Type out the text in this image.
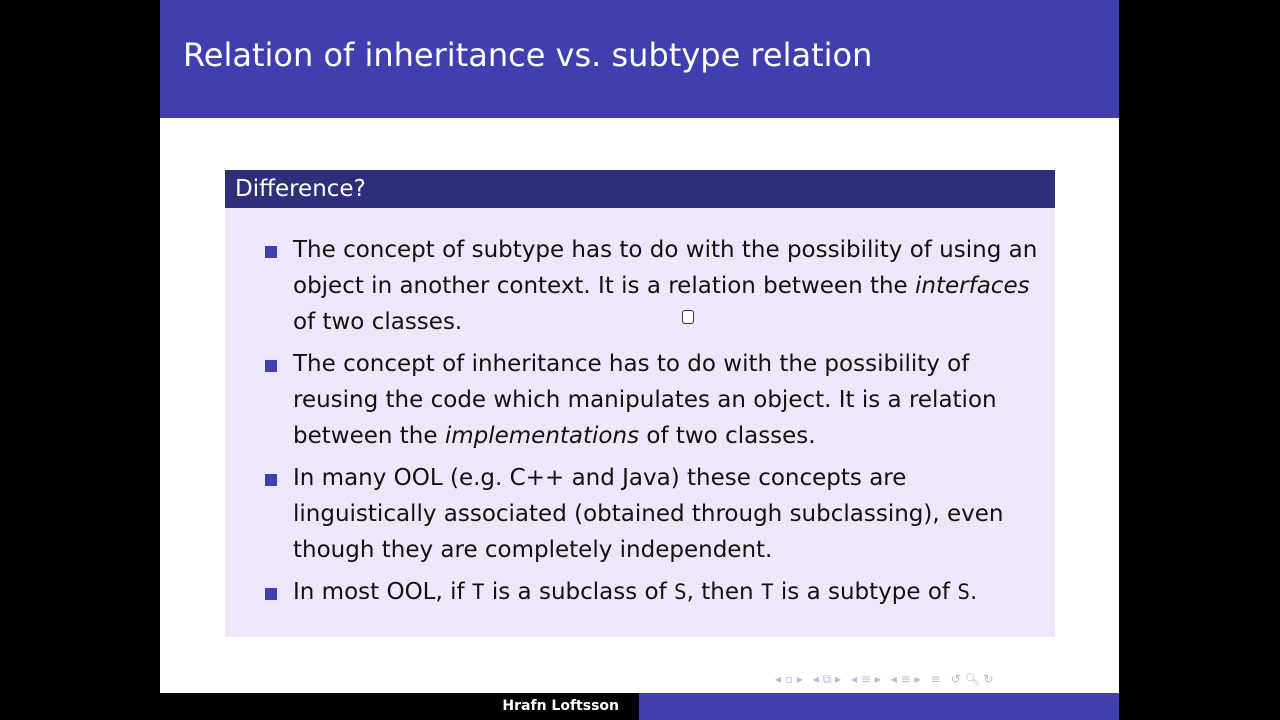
Relation of inheritance vs. subtype relation
Difference?
The concept of subtype has to do with the possibility of using an object in another context. It is a relation between the interfaces of two classes.
The concept of inheritance has to do with the possibility of reusing the code which manipulates an object. It is a relation between the implementations of two classes.
In many OOL (e.g. C++ and Java) these concepts are linguistically associated (obtained through subclassing), even though they are completely independent.
In most OOL, if T is a subclass of S, then T is a subtype of S.
◂ ▫ ▸ ◂ ⧉ ▸ ◂ ≡ ▸ ◂ ≡ ▸ ≡ ↺ 🔍︎ ↻
Hrafn Loftsson
